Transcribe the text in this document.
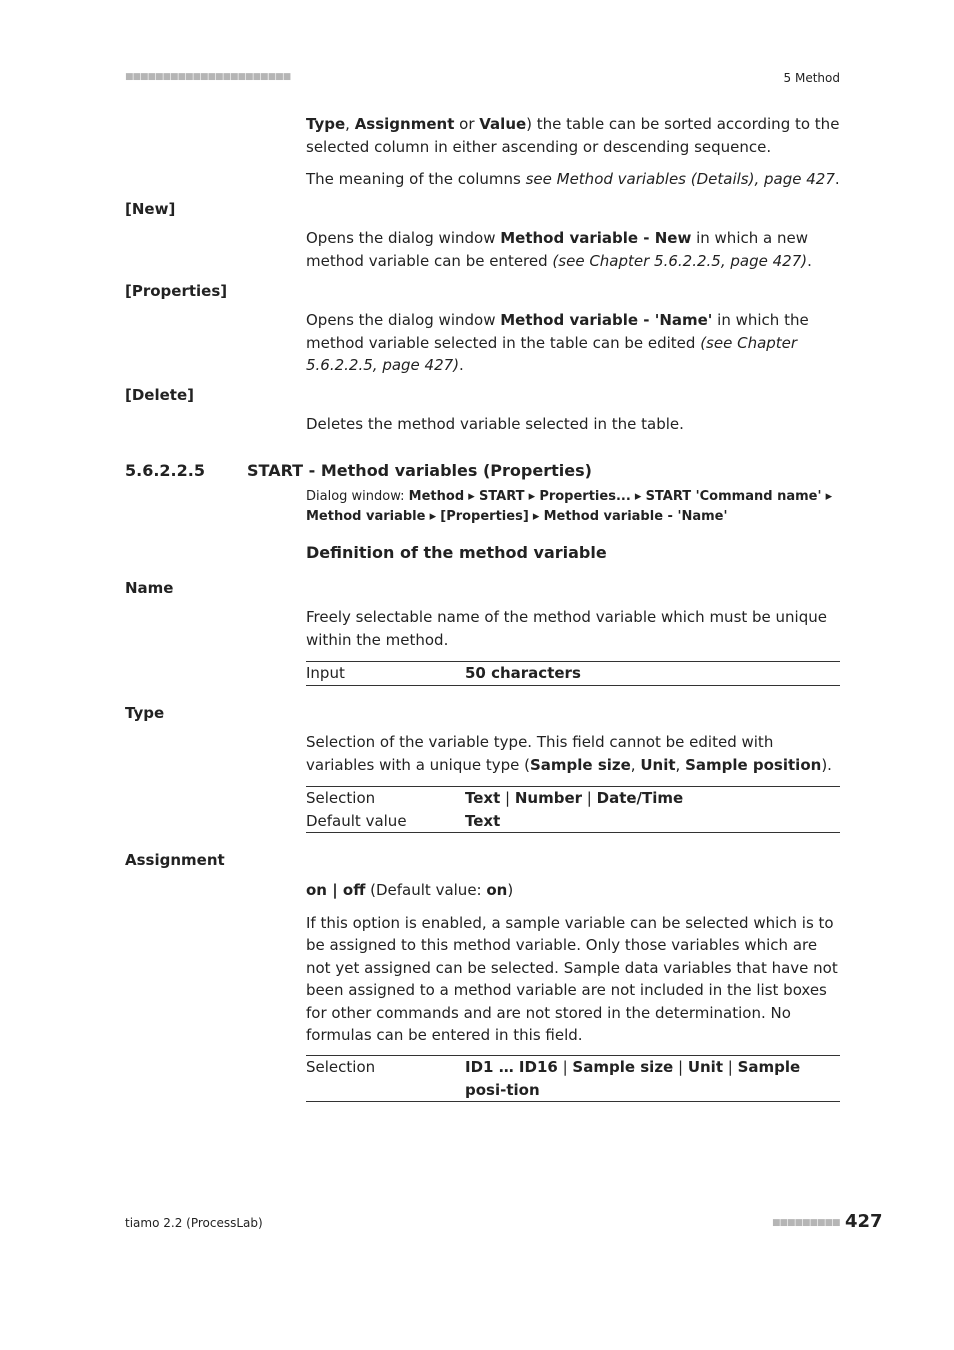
■■■■■■■■■■■■■■■■■■■■■■	5 Method

Type, Assignment or Value) the table can be sorted according to the selected column in either ascending or descending sequence.

The meaning of the columns see Method variables (Details), page 427.

[New]

Opens the dialog window Method variable - New in which a new method variable can be entered (see Chapter 5.6.2.2.5, page 427).

[Properties]

Opens the dialog window Method variable - 'Name' in which the method variable selected in the table can be edited (see Chapter 5.6.2.2.5, page 427).

[Delete]

Deletes the method variable selected in the table.

5.6.2.2.5	START - Method variables (Properties)
Dialog window: Method ▸ START ▸ Properties... ▸ START 'Command name' ▸ Method variable ▸ [Properties] ▸ Method variable - 'Name'
Definition of the method variable
Name

Freely selectable name of the method variable which must be unique within the method.

Input	50 characters
Type

Selection of the variable type. This field cannot be edited with variables with a unique type (Sample size, Unit, Sample position).

Selection	Text | Number | Date/Time
Default value	Text
Assignment

on | off (Default value: on)

If this option is enabled, a sample variable can be selected which is to be assigned to this method variable. Only those variables which are not yet assigned can be selected. Sample data variables that have not been assigned to a method variable are not included in the list boxes for other commands and are not stored in the determination. No formulas can be entered in this field.

Selection	ID1 … ID16 | Sample size | Unit | Sample posi-tion
tiamo 2.2 (ProcessLab)	■■■■■■■■■ 427
